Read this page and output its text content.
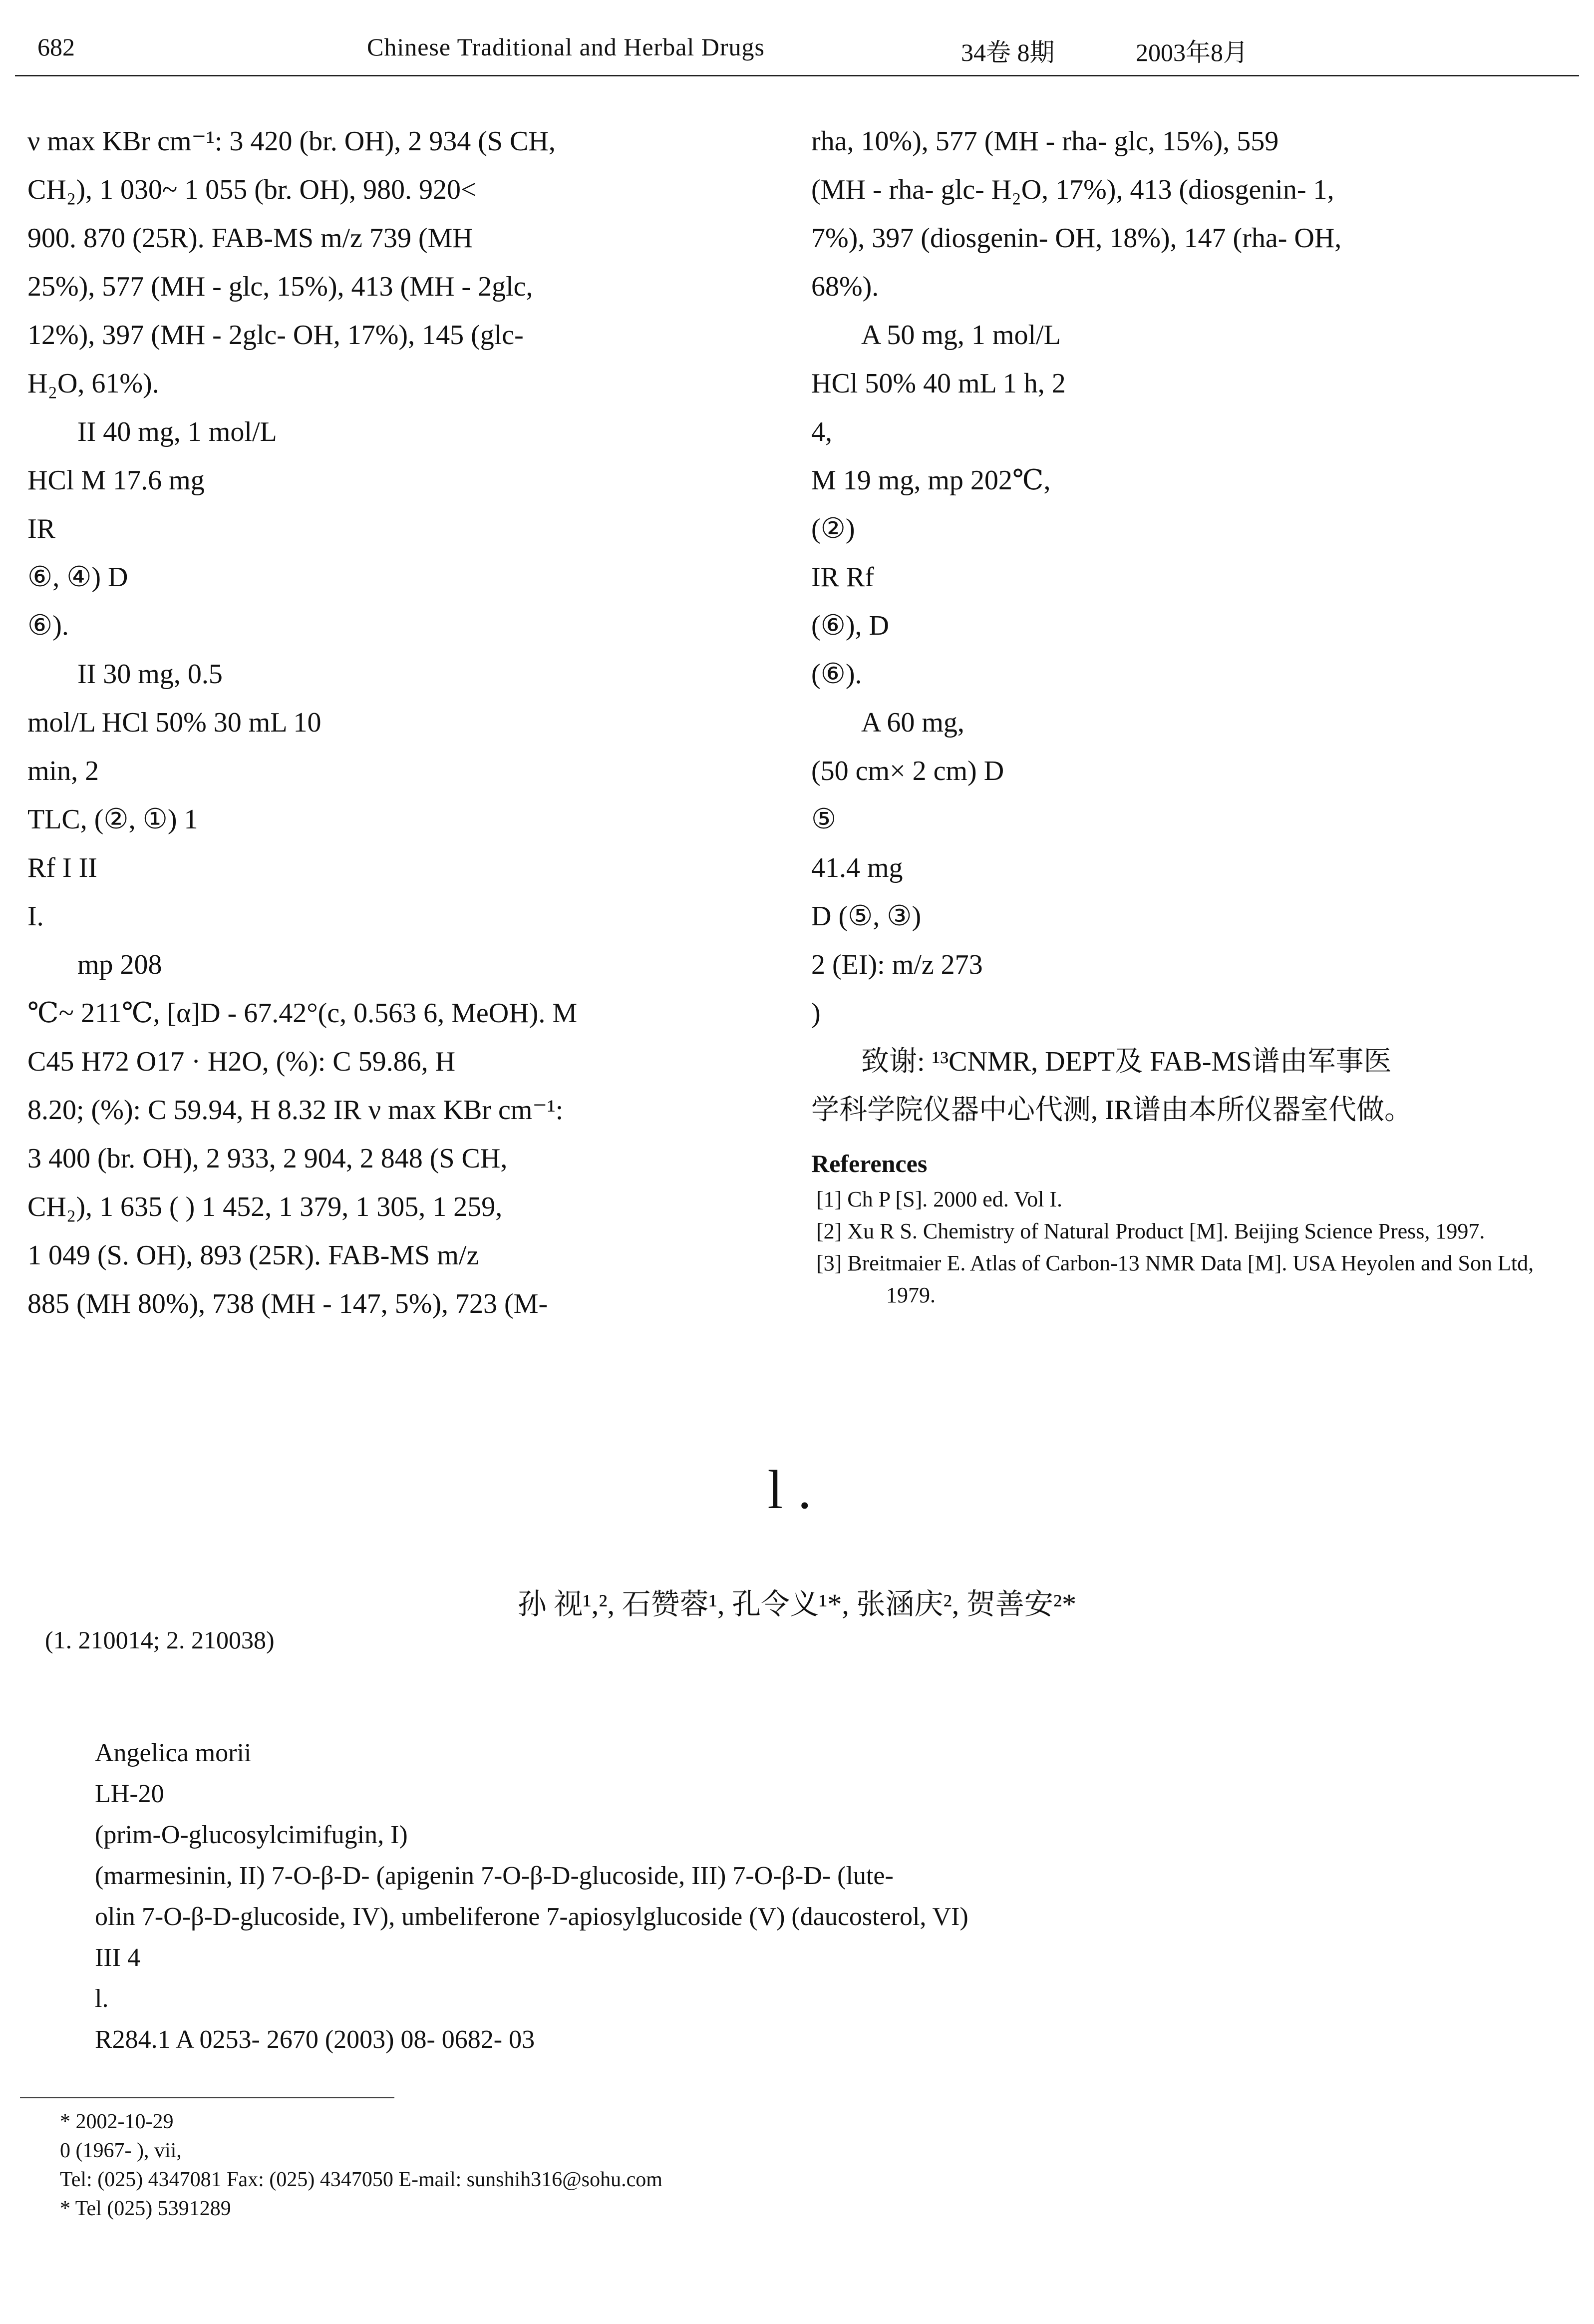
682	Chinese Traditional and Herbal Drugs	34卷 8期	2003年8月

ν max KBr cm⁻¹: 3 420 (br. OH), 2 934 (S CH,

CH₂), 1 030~ 1 055 (br. OH), 980. 920<

900. 870 (25R). FAB-MS m/z 739 (MH

25%), 577 (MH - glc, 15%), 413 (MH - 2glc,

12%), 397 (MH - 2glc- OH, 17%), 145 (glc-

H₂O, 61%).

II 40 mg, 1 mol/L

HCl M 17.6 mg

IR

⑥, ④) D

⑥).

II 30 mg, 0.5

mol/L HCl 50% 30 mL 10

min, 2

TLC, (②, ①) 1

Rf I II

I.

mp 208

℃~ 211℃, [α]D - 67.42°(c, 0.563 6, MeOH). M

C45 H72 O17 · H2O, (%): C 59.86, H

8.20; (%): C 59.94, H 8.32 IR ν max KBr cm⁻¹:

3 400 (br. OH), 2 933, 2 904, 2 848 (S CH,

CH₂), 1 635 ( ) 1 452, 1 379, 1 305, 1 259,

1 049 (S. OH), 893 (25R). FAB-MS m/z

885 (MH 80%), 738 (MH - 147, 5%), 723 (M-

rha, 10%), 577 (MH - rha- glc, 15%), 559

(MH - rha- glc- H₂O, 17%), 413 (diosgenin- 1,

7%), 397 (diosgenin- OH, 18%), 147 (rha- OH,

68%).

A 50 mg, 1 mol/L

HCl 50% 40 mL 1 h, 2

4,

M 19 mg, mp 202℃,

(②)

IR Rf

(⑥), D

(⑥).

A 60 mg,

(50 cm× 2 cm) D

⑤

41.4 mg

D (⑤, ③)

2 (EI): m/z 273

)

致谢: ¹³CNMR, DEPT及 FAB-MS谱由军事医

学科学院仪器中心代测, IR谱由本所仪器室代做。

References

[1] Ch P [S]. 2000 ed. Vol I.

[2] Xu R S. Chemistry of Natural Product [M]. Beijing Science Press, 1997.

[3] Breitmaier E. Atlas of Carbon-13 NMR Data [M]. USA Heyolen and Son Ltd, 1979.

l.
孙 视¹,², 石赞蓉¹, 孔令义¹*, 张涵庆², 贺善安²*
(1. 210014; 2. 210038)

Angelica morii

LH-20

(prim-O-glucosylcimifugin, I)

(marmesinin, II) 7-O-β-D- (apigenin 7-O-β-D-glucoside, III) 7-O-β-D- (lute-

olin 7-O-β-D-glucoside, IV), umbeliferone 7-apiosylglucoside (V) (daucosterol, VI)

III 4

l.

R284.1 A 0253- 2670 (2003) 08- 0682- 03

* 2002-10-29

0 (1967- ), vii,

Tel: (025) 4347081 Fax: (025) 4347050 E-mail: sunshih316@sohu.com

* Tel (025) 5391289
